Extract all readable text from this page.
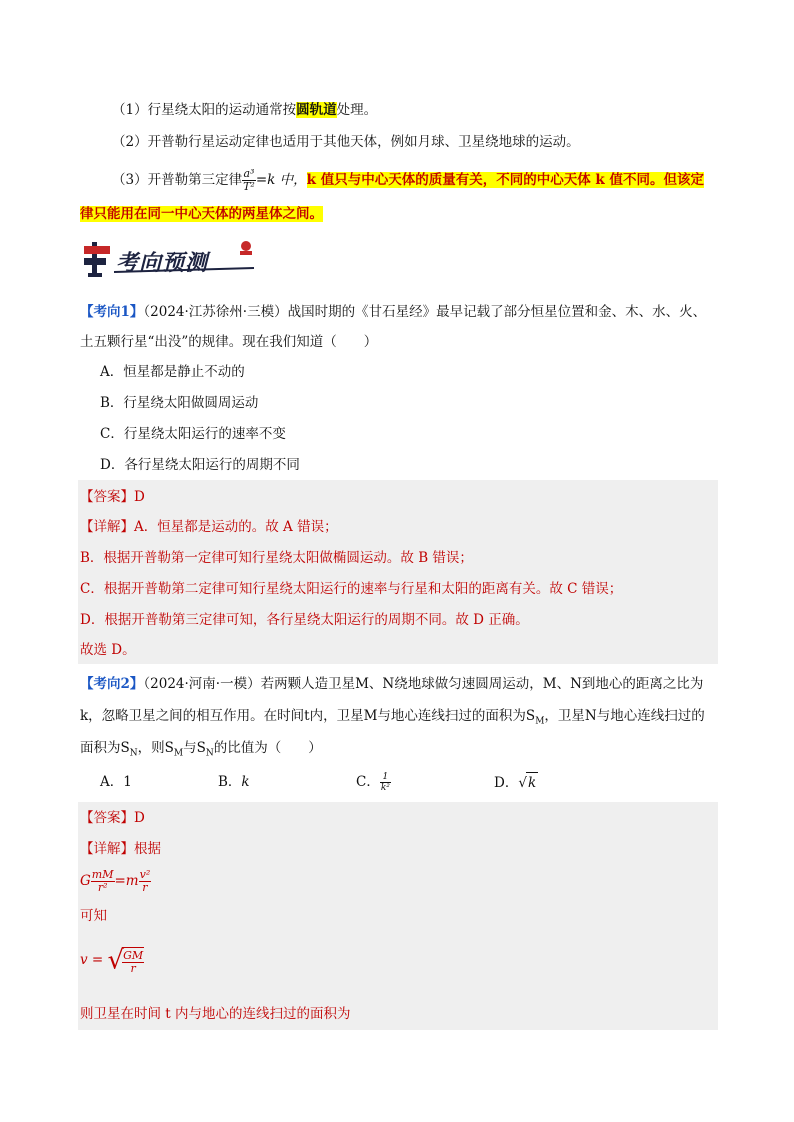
（1）行星绕太阳的运动通常按圆轨道处理。
（2）开普勒行星运动定律也适用于其他天体，例如月球、卫星绕地球的运动。
（3）开普勒第三定律 $\frac{\text{a³}}{\text{T²}} =k$ 中，k 值只与中心天体的质量有关，不同的中心天体 k 值不同。但该定
律只能用在同一中心天体的两星体之间。
考向预测
【考向1】（2024·江苏徐州·三模）战国时期的《甘石星经》最早记载了部分恒星位置和金、木、水、火、
土五颗行星“出没”的规律。现在我们知道（　　）
A．恒星都是静止不动的
B．行星绕太阳做圆周运动
C．行星绕太阳运行的速率不变
D．各行星绕太阳运行的周期不同
【答案】D
【详解】A．恒星都是运动的。故 A 错误；
B．根据开普勒第一定律可知行星绕太阳做椭圆运动。故 B 错误；
C．根据开普勒第二定律可知行星绕太阳运行的速率与行星和太阳的距离有关。故 C 错误；
D．根据开普勒第三定律可知，各行星绕太阳运行的周期不同。故 D 正确。
故选 D。
【考向2】（2024·河南·一模）若两颗人造卫星M、N绕地球做匀速圆周运动，M、N到地心的距离之比为
k，忽略卫星之间的相互作用。在时间t内，卫星M与地心连线扫过的面积为$S_M$，卫星N与地心连线扫过的
面积为$S_N$，则$S_M$与$S_N$的比值为（　　）
A．1	B．k	C． $\frac{1}{\text{k²}}$	D．√k
【答案】D
【详解】根据
G $\frac{mM}{\text{r²}} =m \frac{\text{v²}}{r}$
可知
v = √
$\frac{GM}{r}$
则卫星在时间 t 内与地心的连线扫过的面积为
